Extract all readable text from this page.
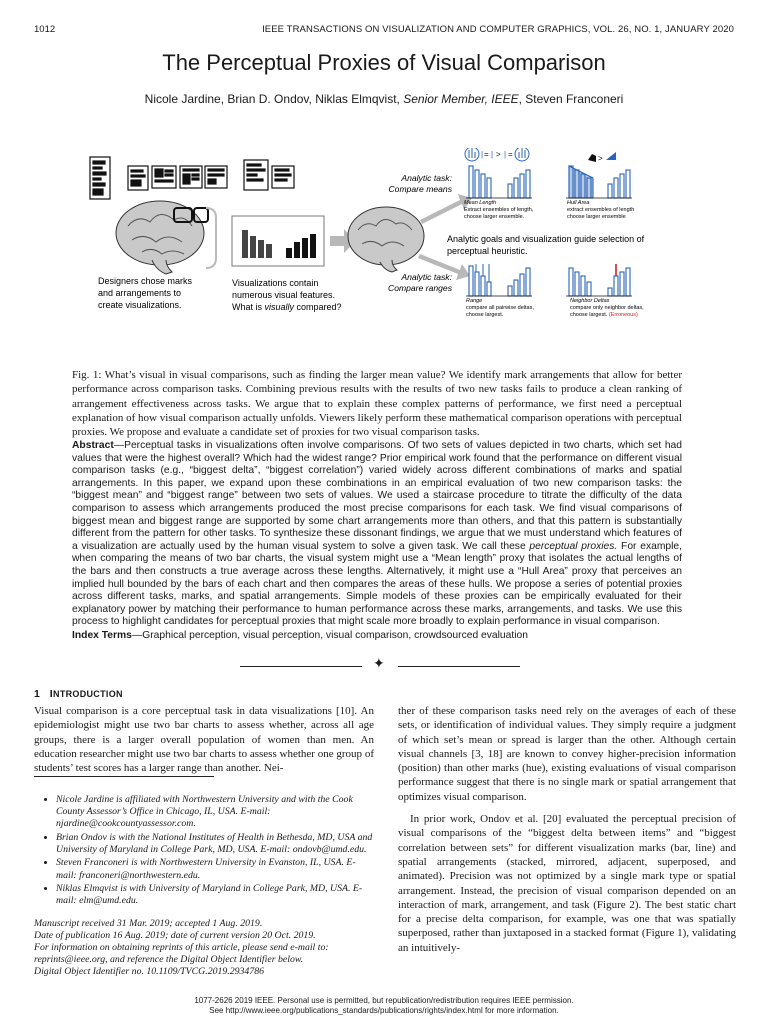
1012	IEEE TRANSACTIONS ON VISUALIZATION AND COMPUTER GRAPHICS, VOL. 26, NO. 1, JANUARY 2020
The Perceptual Proxies of Visual Comparison
Nicole Jardine, Brian D. Ondov, Niklas Elmqvist, Senior Member, IEEE, Steven Franconeri
Analytic task:
Compare means
Analytic task:
Compare ranges
| = | > | =
Mean Length
Extract ensembles of length,
choose larger ensemble.
>
Hull Area
extract ensembles of length
choose larger ensemble
Analytic goals and visualization guide selection of
perceptual heuristic.
Range
compare all pairwise deltas,
choose largest.
Neighbor Deltas
compare only neighbor deltas,
choose largest. (Erroneous)
Designers chose marks
and arrangements to
create visualizations.
Visualizations contain
numerous visual features.
What is visually compared?
Fig. 1: What’s visual in visual comparisons, such as finding the larger mean value? We identify mark arrangements that allow for better performance across comparison tasks. Combining previous results with the results of two new tasks fails to produce a clean ranking of arrangement effectiveness across tasks. We argue that to explain these complex patterns of performance, we first need a perceptual explanation of how visual comparison actually unfolds. Viewers likely perform these mathematical comparison operations with perceptual proxies. We propose and evaluate a candidate set of proxies for two visual comparison tasks.
Abstract—Perceptual tasks in visualizations often involve comparisons. Of two sets of values depicted in two charts, which set had values that were the highest overall? Which had the widest range? Prior empirical work found that the performance on different visual comparison tasks (e.g., “biggest delta”, “biggest correlation”) varied widely across different combinations of marks and spatial arrangements. In this paper, we expand upon these combinations in an empirical evaluation of two new comparison tasks: the “biggest mean” and “biggest range” between two sets of values. We used a staircase procedure to titrate the difficulty of the data comparison to assess which arrangements produced the most precise comparisons for each task. We find visual comparisons of biggest mean and biggest range are supported by some chart arrangements more than others, and that this pattern is substantially different from the pattern for other tasks. To synthesize these dissonant findings, we argue that we must understand which features of a visualization are actually used by the human visual system to solve a given task. We call these perceptual proxies. For example, when comparing the means of two bar charts, the visual system might use a “Mean length” proxy that isolates the actual lengths of the bars and then constructs a true average across these lengths. Alternatively, it might use a “Hull Area” proxy that perceives an implied hull bounded by the bars of each chart and then compares the areas of these hulls. We propose a series of potential proxies across different tasks, marks, and spatial arrangements. Simple models of these proxies can be empirically evaluated for their explanatory power by matching their performance to human performance across these marks, arrangements, and tasks. We use this process to highlight candidates for perceptual proxies that might scale more broadly to explain performance in visual comparison.
Index Terms—Graphical perception, visual perception, visual comparison, crowdsourced evaluation
✦
1 INTRODUCTION
Visual comparison is a core perceptual task in data visualizations [10]. An epidemiologist might use two bar charts to assess whether, across all age groups, there is a larger overall population of women than men. An education researcher might use two bar charts to assess whether one group of students’ test scores has a larger range than another. Nei-
• Nicole Jardine is affiliated with Northwestern University and with the Cook County Assessor’s Office in Chicago, IL, USA. E-mail: njardine@cookcountyassessor.com.
• Brian Ondov is with the National Institutes of Health in Bethesda, MD, USA and University of Maryland in College Park, MD, USA. E-mail: ondovb@umd.edu.
• Steven Franconeri is with Northwestern University in Evanston, IL, USA. E-mail: franconeri@northwestern.edu.
• Niklas Elmqvist is with University of Maryland in College Park, MD, USA. E-mail: elm@umd.edu.
Manuscript received 31 Mar. 2019; accepted 1 Aug. 2019.
Date of publication 16 Aug. 2019; date of current version 20 Oct. 2019.
For information on obtaining reprints of this article, please send e-mail to:
reprints@ieee.org, and reference the Digital Object Identifier below.
Digital Object Identifier no. 10.1109/TVCG.2019.2934786

ther of these comparison tasks need rely on the averages of each of these sets, or identification of individual values. They simply require a judgment of which set’s mean or spread is larger than the other. Although certain visual channels [3, 18] are known to convey higher-precision information (position) than other marks (hue), existing evaluations of visual comparison performance suggest that there is no single mark or spatial arrangement that optimizes visual comparison.

In prior work, Ondov et al. [20] evaluated the perceptual precision of visual comparisons of the “biggest delta between items” and “biggest correlation between sets” for different visualization marks (bar, line) and spatial arrangements (stacked, mirrored, adjacent, superposed, and animated). Precision was not optimized by a single mark type or spatial arrangement. Instead, the precision of visual comparison depended on an interaction of mark, arrangement, and task (Figure 2). The best static chart for a precise delta comparison, for example, was one that was spatially superposed, rather than juxtaposed in a stacked format (Figure 1), validating an intuitively-

1077-2626 2019 IEEE. Personal use is permitted, but republication/redistribution requires IEEE permission.
See http://www.ieee.org/publications_standards/publications/rights/index.html for more information.
